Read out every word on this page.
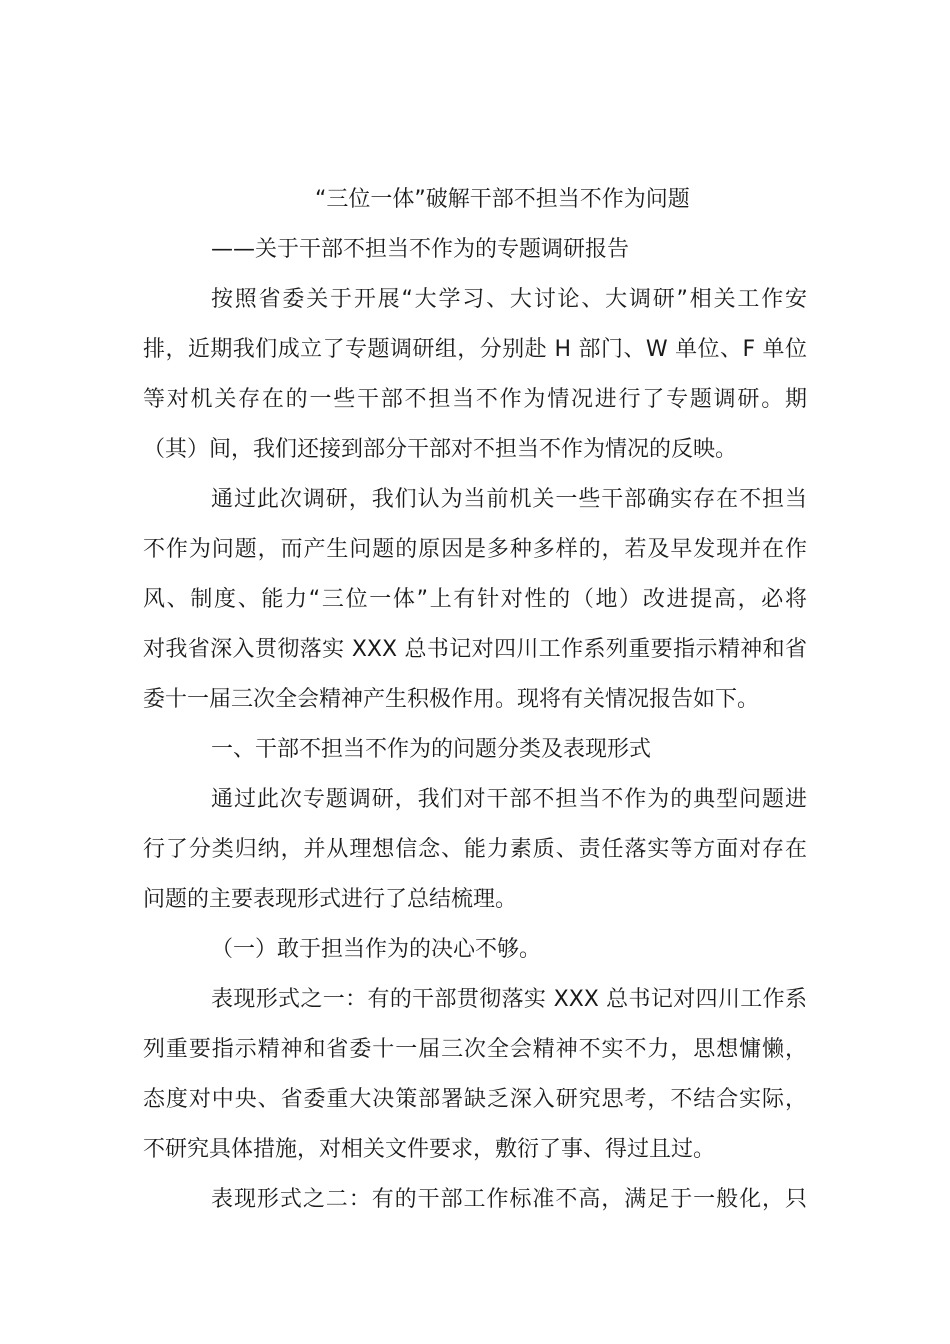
“三位一体”破解干部不担当不作为问题
——关于干部不担当不作为的专题调研报告
按照省委关于开展“大学习、大讨论、大调研”相关工作安
排，近期我们成立了专题调研组，分别赴 H 部门、W 单位、F 单位
等对机关存在的一些干部不担当不作为情况进行了专题调研。期
（其）间，我们还接到部分干部对不担当不作为情况的反映。
通过此次调研，我们认为当前机关一些干部确实存在不担当
不作为问题，而产生问题的原因是多种多样的，若及早发现并在作
风、制度、能力“三位一体”上有针对性的（地）改进提高，必将
对我省深入贯彻落实 XXX 总书记对四川工作系列重要指示精神和省
委十一届三次全会精神产生积极作用。现将有关情况报告如下。
一、干部不担当不作为的问题分类及表现形式
通过此次专题调研，我们对干部不担当不作为的典型问题进
行了分类归纳，并从理想信念、能力素质、责任落实等方面对存在
问题的主要表现形式进行了总结梳理。
（一）敢于担当作为的决心不够。
表现形式之一：有的干部贯彻落实 XXX 总书记对四川工作系
列重要指示精神和省委十一届三次全会精神不实不力，思想慵懒，
态度对中央、省委重大决策部署缺乏深入研究思考，不结合实际，
不研究具体措施，对相关文件要求，敷衍了事、得过且过。
表现形式之二：有的干部工作标准不高，满足于一般化，只
